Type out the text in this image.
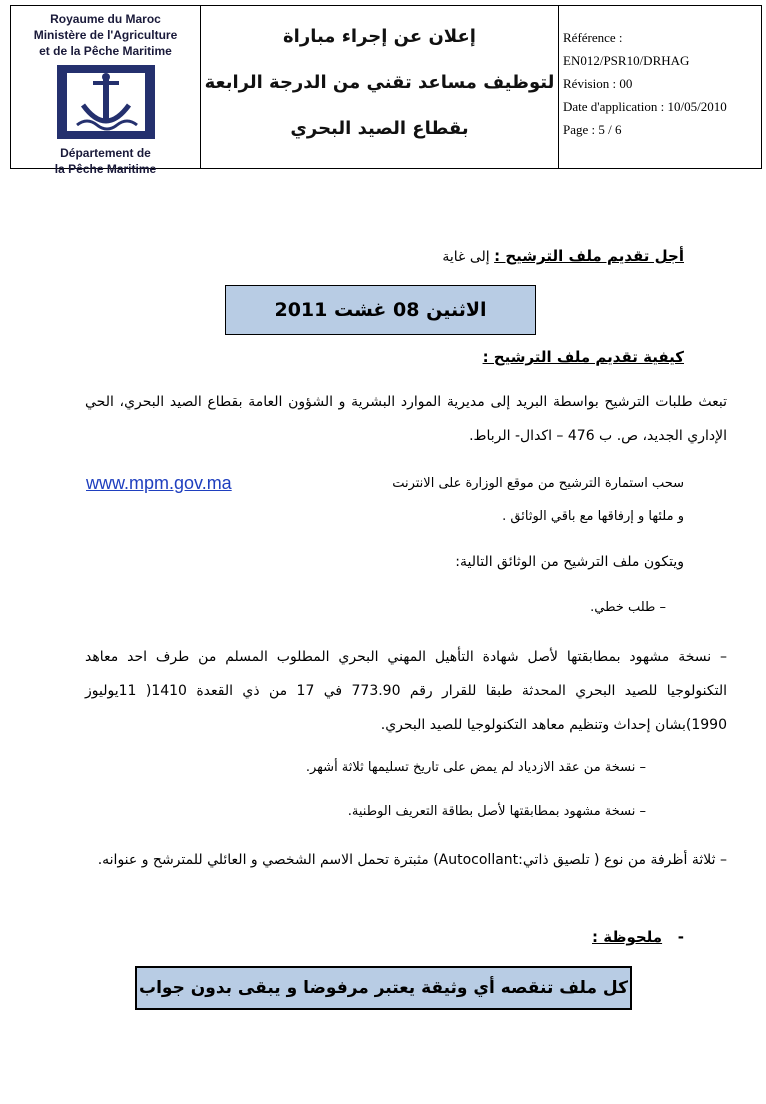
Royaume du Maroc
Ministère de l'Agriculture
et de la Pêche Maritime
Département de
la Pêche Maritime
إعلان عن إجراء مباراة
لتوظيف مساعد تقني من الدرجة الرابعة
بقطاع الصيد البحري
Référence :
EN012/PSR10/DRHAG
Révision : 00
Date d'application : 10/05/2010
Page : 5 / 6
أجل تقديم ملف الترشيح : إلى غاية
الاثنين 08 غشت 2011
كيفية تقديم ملف الترشيح :
تبعث طلبات الترشيح بواسطة البريد إلى مديرية الموارد البشرية و الشؤون العامة بقطاع الصيد البحري، الحي الإداري الجديد، ص. ب 476 – اكدال- الرباط.
سحب استمارة الترشيح من موقع الوزارة على الانترنت
www.mpm.gov.ma
و ملئها و إرفاقها مع باقي الوثائق .
ويتكون ملف الترشيح من الوثائق التالية:
– طلب خطي.
– نسخة مشهود بمطابقتها لأصل شهادة التأهيل المهني البحري المطلوب المسلم من طرف احد معاهد التكنولوجيا للصيد البحري المحدثة طبقا للقرار رقم 773.90 في 17 من ذي القعدة 1410( 11يوليوز 1990)بشان إحداث وتنظيم معاهد التكنولوجيا للصيد البحري.
– نسخة من عقد الازدياد لم يمض على تاريخ تسليمها ثلاثة أشهر.
– نسخة مشهود بمطابقتها لأصل بطاقة التعريف الوطنية.
– ثلاثة أظرفة من نوع ( تلصيق ذاتي:Autocollant) مثبترة تحمل الاسم الشخصي و العائلي للمترشح و عنوانه.
-   ملحوظة :
كل ملف تنقصه أي وثيقة يعتبر مرفوضا و يبقى بدون جواب
